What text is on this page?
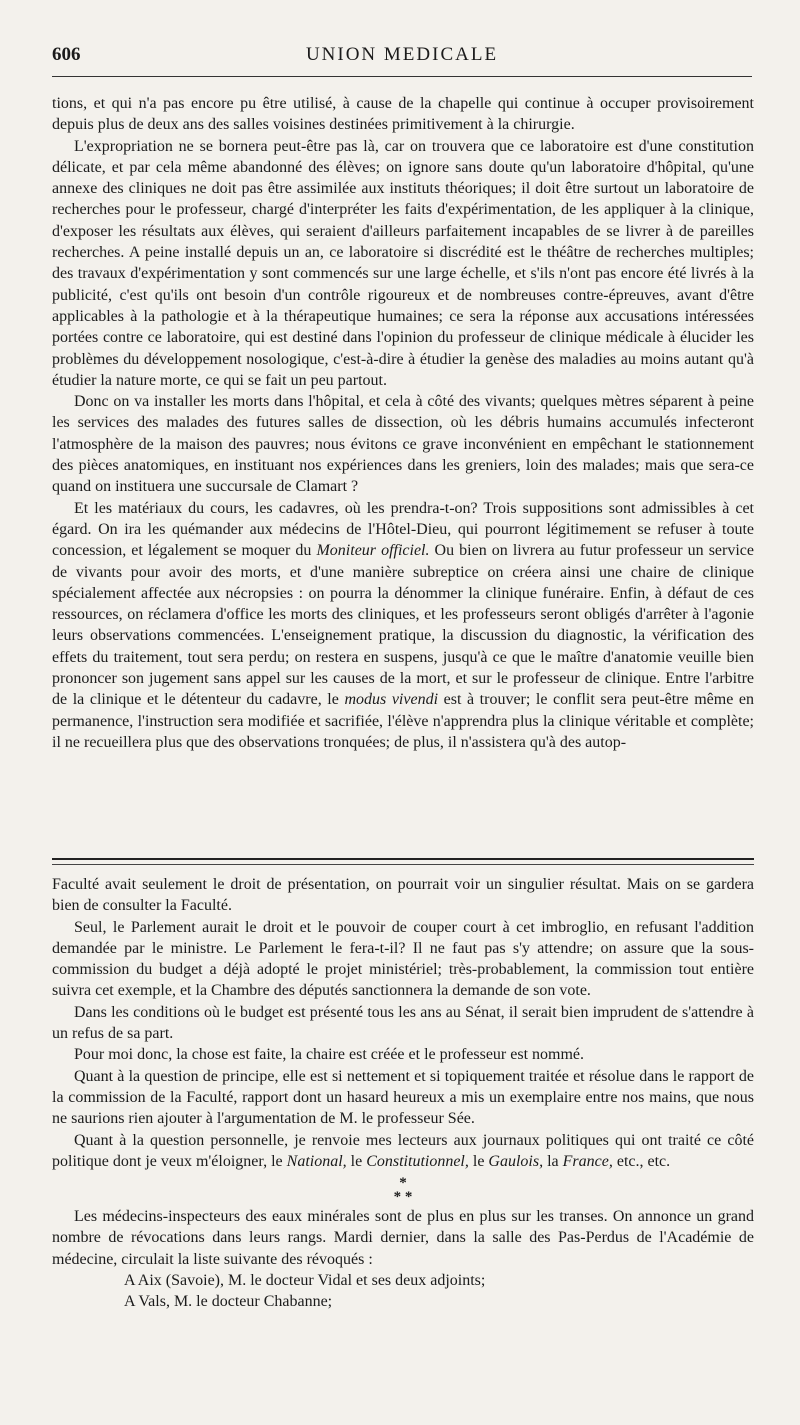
606	UNION MEDICALE

tions, et qui n'a pas encore pu être utilisé, à cause de la chapelle qui continue à occuper provisoirement depuis plus de deux ans des salles voisines destinées primitivement à la chirurgie.

L'expropriation ne se bornera peut-être pas là, car on trouvera que ce laboratoire est d'une constitution délicate, et par cela même abandonné des élèves; on ignore sans doute qu'un laboratoire d'hôpital, qu'une annexe des cliniques ne doit pas être assimilée aux instituts théoriques; il doit être surtout un laboratoire de recherches pour le professeur, chargé d'interpréter les faits d'expérimentation, de les appliquer à la clinique, d'exposer les résultats aux élèves, qui seraient d'ailleurs parfaitement incapables de se livrer à de pareilles recherches. A peine installé depuis un an, ce laboratoire si discrédité est le théâtre de recherches multiples; des travaux d'expérimentation y sont commencés sur une large échelle, et s'ils n'ont pas encore été livrés à la publicité, c'est qu'ils ont besoin d'un contrôle rigoureux et de nombreuses contre-épreuves, avant d'être applicables à la pathologie et à la thérapeutique humaines; ce sera la réponse aux accusations intéressées portées contre ce laboratoire, qui est destiné dans l'opinion du professeur de clinique médicale à élucider les problèmes du développement nosologique, c'est-à-dire à étudier la genèse des maladies au moins autant qu'à étudier la nature morte, ce qui se fait un peu partout.

Donc on va installer les morts dans l'hôpital, et cela à côté des vivants; quelques mètres séparent à peine les services des malades des futures salles de dissection, où les débris humains accumulés infecteront l'atmosphère de la maison des pauvres; nous évitons ce grave inconvénient en empêchant le stationnement des pièces anatomiques, en instituant nos expériences dans les greniers, loin des malades; mais que sera-ce quand on instituera une succursale de Clamart ?

Et les matériaux du cours, les cadavres, où les prendra-t-on? Trois suppositions sont admissibles à cet égard. On ira les quémander aux médecins de l'Hôtel-Dieu, qui pourront légitimement se refuser à toute concession, et légalement se moquer du Moniteur officiel. Ou bien on livrera au futur professeur un service de vivants pour avoir des morts, et d'une manière subreptice on créera ainsi une chaire de clinique spécialement affectée aux nécropsies : on pourra la dénommer la clinique funéraire. Enfin, à défaut de ces ressources, on réclamera d'office les morts des cliniques, et les professeurs seront obligés d'arrêter à l'agonie leurs observations commencées. L'enseignement pratique, la discussion du diagnostic, la vérification des effets du traitement, tout sera perdu; on restera en suspens, jusqu'à ce que le maître d'anatomie veuille bien prononcer son jugement sans appel sur les causes de la mort, et sur le professeur de clinique. Entre l'arbitre de la clinique et le détenteur du cadavre, le modus vivendi est à trouver; le conflit sera peut-être même en permanence, l'instruction sera modifiée et sacrifiée, l'élève n'apprendra plus la clinique véritable et complète; il ne recueillera plus que des observations tronquées; de plus, il n'assistera qu'à des autop-

Faculté avait seulement le droit de présentation, on pourrait voir un singulier résultat. Mais on se gardera bien de consulter la Faculté.

Seul, le Parlement aurait le droit et le pouvoir de couper court à cet imbroglio, en refusant l'addition demandée par le ministre. Le Parlement le fera-t-il? Il ne faut pas s'y attendre; on assure que la sous-commission du budget a déjà adopté le projet ministériel; très-probablement, la commission tout entière suivra cet exemple, et la Chambre des députés sanctionnera la demande de son vote.

Dans les conditions où le budget est présenté tous les ans au Sénat, il serait bien imprudent de s'attendre à un refus de sa part.

Pour moi donc, la chose est faite, la chaire est créée et le professeur est nommé.

Quant à la question de principe, elle est si nettement et si topiquement traitée et résolue dans le rapport de la commission de la Faculté, rapport dont un hasard heureux a mis un exemplaire entre nos mains, que nous ne saurions rien ajouter à l'argumentation de M. le professeur Sée.

Quant à la question personnelle, je renvoie mes lecteurs aux journaux politiques qui ont traité ce côté politique dont je veux m'éloigner, le National, le Constitutionnel, le Gaulois, la France, etc., etc.

*
* *

Les médecins-inspecteurs des eaux minérales sont de plus en plus sur les transes. On annonce un grand nombre de révocations dans leurs rangs. Mardi dernier, dans la salle des Pas-Perdus de l'Académie de médecine, circulait la liste suivante des révoqués :

A Aix (Savoie), M. le docteur Vidal et ses deux adjoints;

A Vals, M. le docteur Chabanne;
